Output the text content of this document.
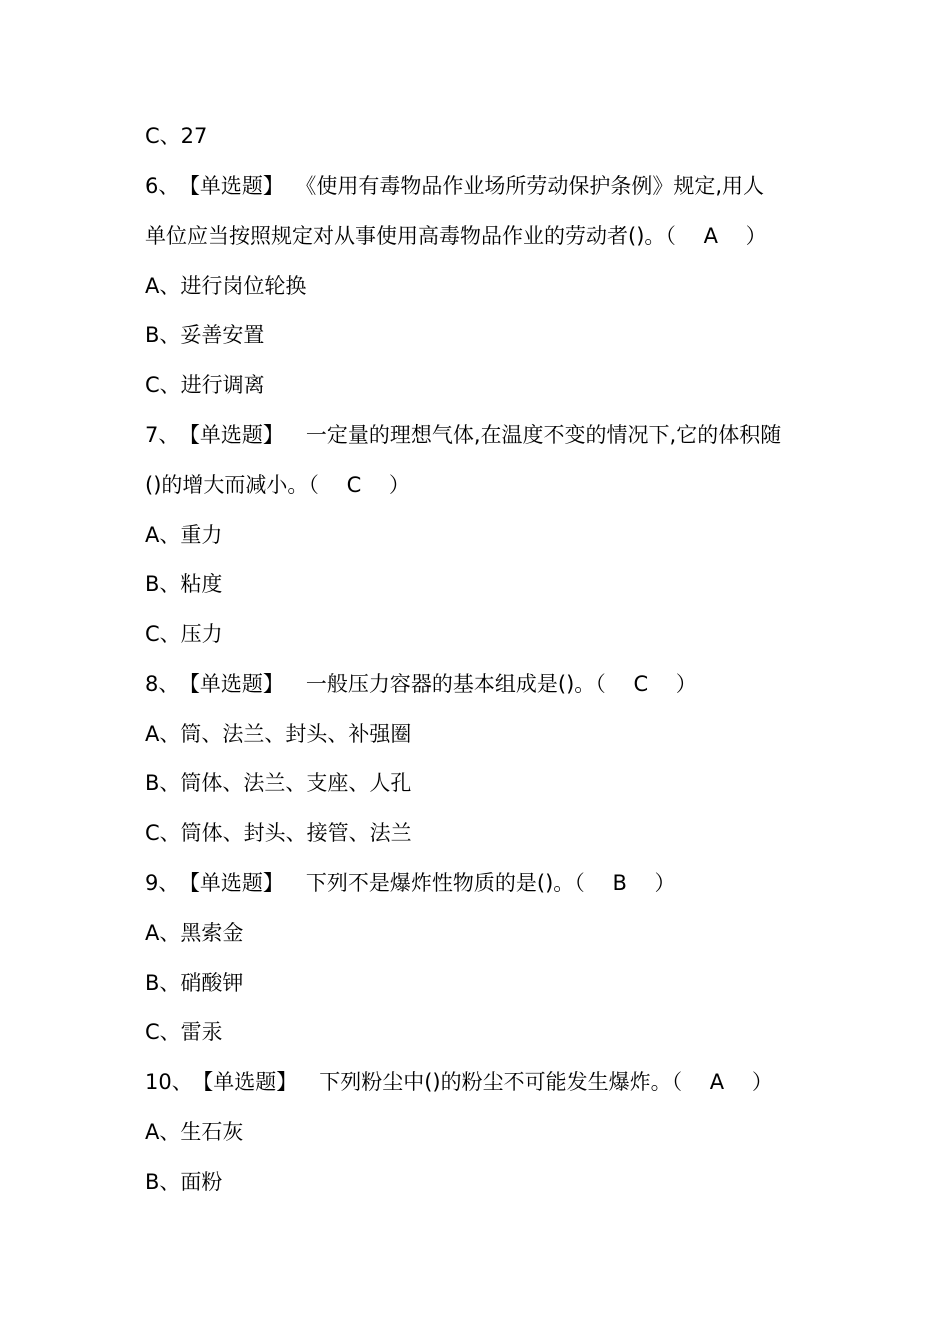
C、27
6、 【单选题】 《使用有毒物品作业场所劳动保护条例》规定,用人
单位应当按照规定对从事使用高毒物品作业的劳动者()。（　 A　 ）
A、进行岗位轮换
B、妥善安置
C、进行调离
7、 【单选题】 一定量的理想气体,在温度不变的情况下,它的体积随
()的增大而减小。（　 C　 ）
A、重力
B、粘度
C、压力
8、 【单选题】 一般压力容器的基本组成是()。（　 C　 ）
A、筒、法兰、封头、补强圈
B、筒体、法兰、支座、人孔
C、筒体、封头、接管、法兰
9、 【单选题】 下列不是爆炸性物质的是()。（　 B　 ）
A、黑索金
B、硝酸钾
C、雷汞
10、 【单选题】 下列粉尘中()的粉尘不可能发生爆炸。（　 A　 ）
A、生石灰
B、面粉
